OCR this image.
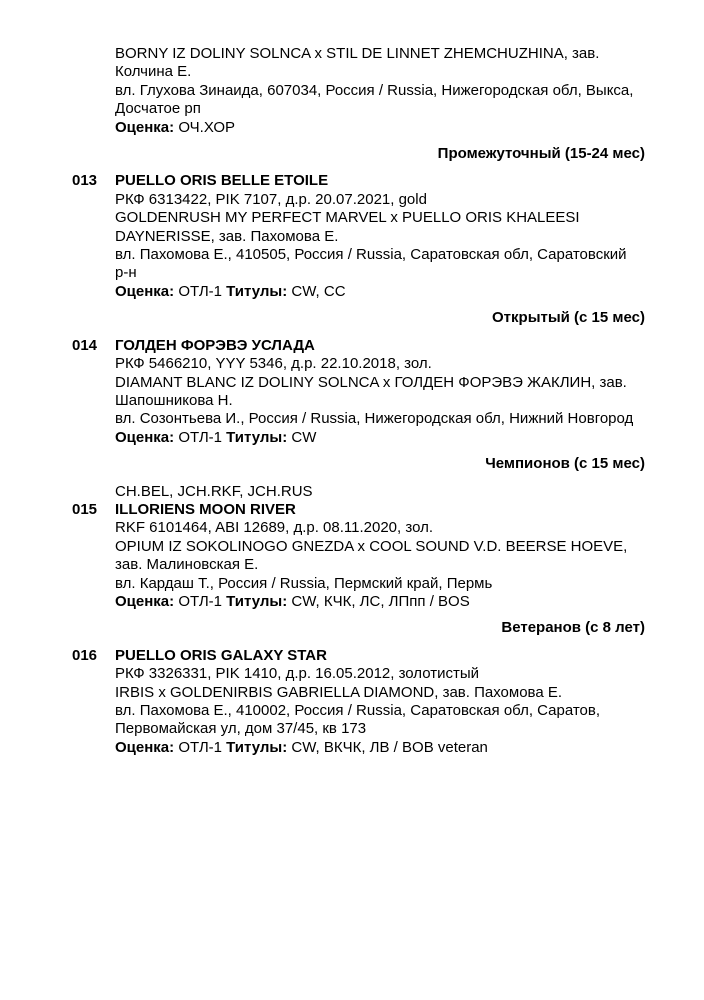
BORNY IZ DOLINY SOLNCA x STIL DE LINNET ZHEMCHUZHINA, зав.
Колчина Е.
вл. Глухова Зинаида, 607034, Россия / Russia, Нижегородская обл, Выкса,
Досчатое рп
Оценка: ОЧ.ХОР
Промежуточный (15-24 мес)
013 PUELLO ORIS BELLE ETOILE
РКФ 6313422, PIK 7107, д.р. 20.07.2021, gold
GOLDENRUSH MY PERFECT MARVEL x PUELLO ORIS KHALEESI
DAYNERISSE, зав. Пахомова Е.
вл. Пахомова Е., 410505, Россия / Russia, Саратовская обл, Саратовский
р-н
Оценка: ОТЛ-1 Титулы: CW, CC
Открытый (с 15 мес)
014 ГОЛДЕН ФОРЭВЭ УСЛАДА
РКФ 5466210, YYY 5346, д.р. 22.10.2018, зол.
DIAMANT BLANC IZ DOLINY SOLNCA x ГОЛДЕН ФОРЭВЭ ЖАКЛИН, зав.
Шапошникова Н.
вл. Созонтьева И., Россия / Russia, Нижегородская обл, Нижний Новгород
Оценка: ОТЛ-1 Титулы: CW
Чемпионов (с 15 мес)
CH.BEL, JCH.RKF, JCH.RUS
015 ILLORIENS MOON RIVER
RKF 6101464, ABI 12689, д.р. 08.11.2020, зол.
OPIUM IZ SOKOLINOGO GNEZDA x COOL SOUND V.D. BEERSE HOEVE,
зав. Малиновская Е.
вл. Кардаш Т., Россия / Russia, Пермский край, Пермь
Оценка: ОТЛ-1 Титулы: CW, КЧК, ЛС, ЛПпп / BOS
Ветеранов (с 8 лет)
016 PUELLO ORIS GALAXY STAR
РКФ 3326331, PIK 1410, д.р. 16.05.2012, золотистый
IRBIS x GOLDENIRBIS GABRIELLA DIAMOND, зав. Пахомова Е.
вл. Пахомова Е., 410002, Россия / Russia, Саратовская обл, Саратов,
Первомайская ул, дом 37/45, кв 173
Оценка: ОТЛ-1 Титулы: CW, ВКЧК, ЛВ / BOB veteran
